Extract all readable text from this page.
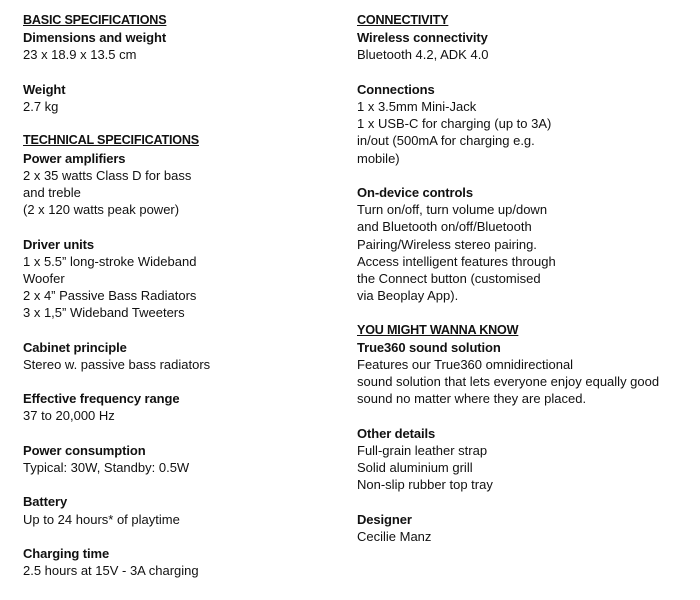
BASIC SPECIFICATIONS
Dimensions and weight
23 x 18.9 x 13.5 cm
Weight
2.7 kg
TECHNICAL SPECIFICATIONS
Power amplifiers
2 x 35 watts Class D for bass
and treble
(2 x 120 watts peak power)
Driver units
1 x 5.5” long-stroke Wideband
Woofer
2 x 4” Passive Bass Radiators
3 x 1,5” Wideband Tweeters
Cabinet principle
Stereo w. passive bass radiators
Effective frequency range
37 to 20,000 Hz
Power consumption
Typical: 30W, Standby: 0.5W
Battery
Up to 24 hours* of playtime
Charging time
2.5 hours at 15V - 3A charging
CONNECTIVITY
Wireless connectivity
Bluetooth 4.2, ADK 4.0
Connections
1 x 3.5mm Mini-Jack
1 x USB-C for charging (up to 3A)
in/out (500mA for charging e.g.
mobile)
On-device controls
Turn on/off, turn volume up/down
and Bluetooth on/off/Bluetooth
Pairing/Wireless stereo pairing.
Access intelligent features through
the Connect button (customised
via Beoplay App).
YOU MIGHT WANNA KNOW
True360 sound solution
Features our True360 omnidirectional
sound solution that lets everyone enjoy equally good
sound no matter where they are placed.
Other details
Full-grain leather strap
Solid aluminium grill
Non-slip rubber top tray
Designer
Cecilie Manz
